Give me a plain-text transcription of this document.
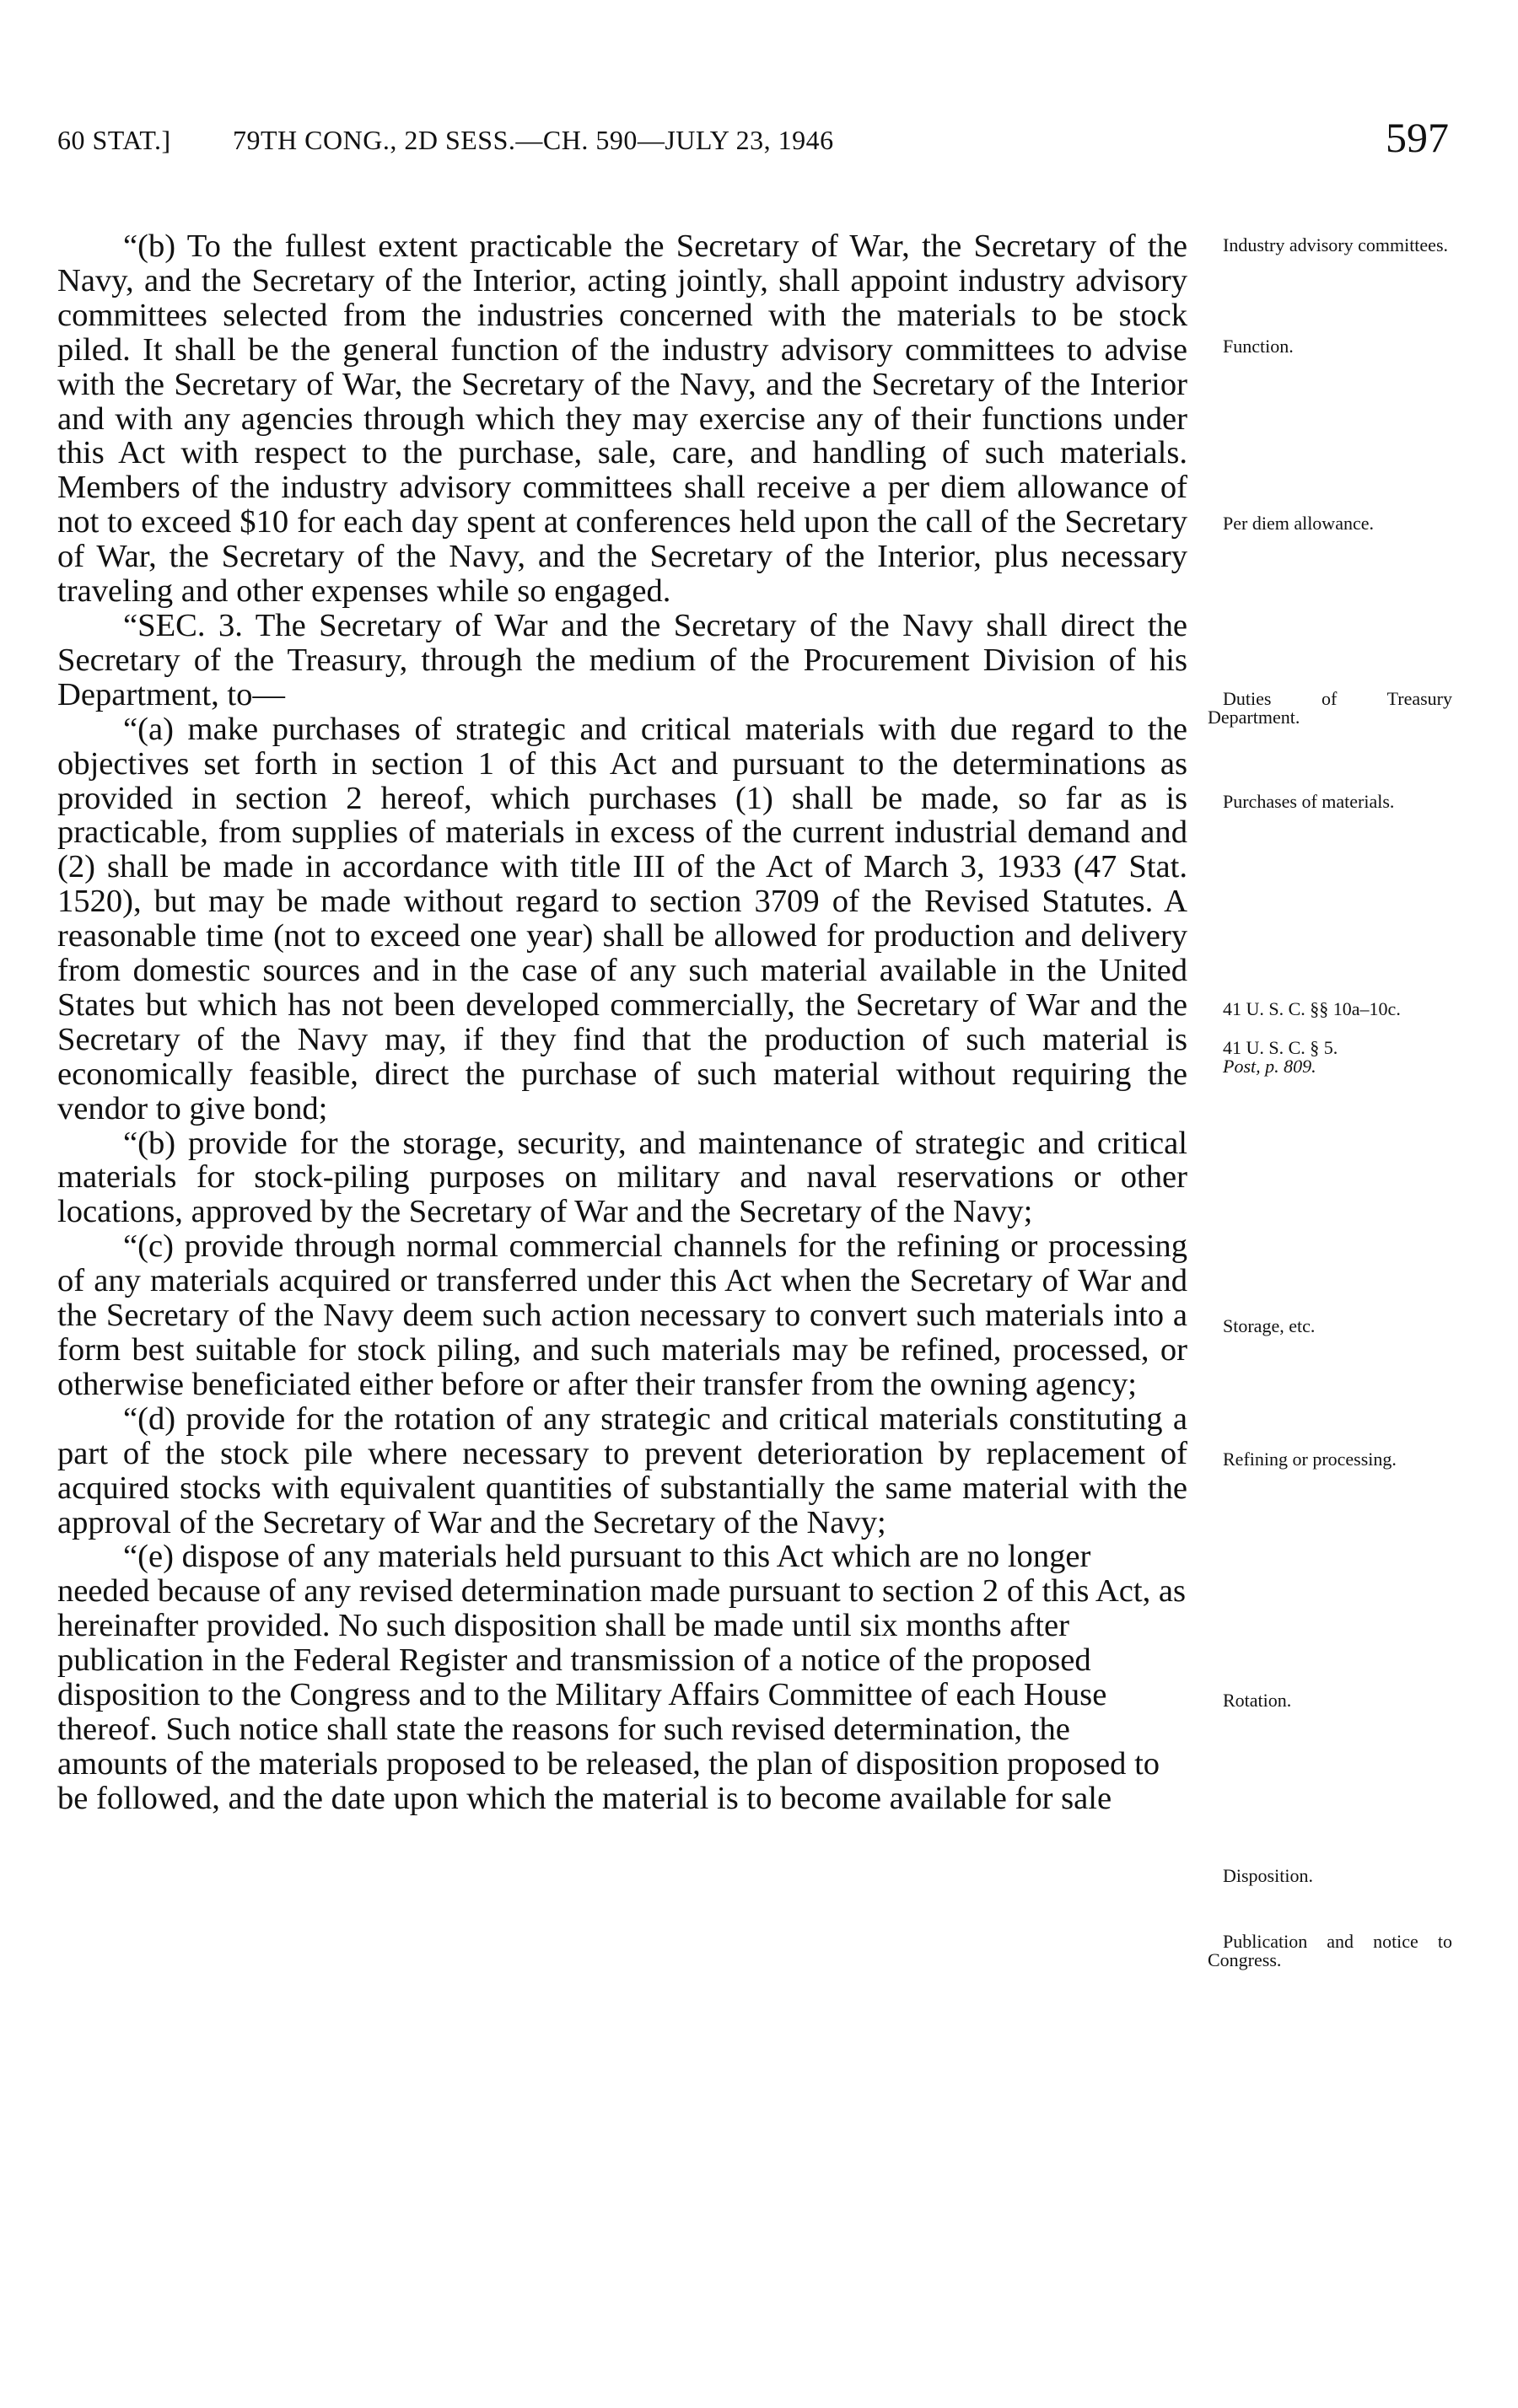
60 STAT.] 79TH CONG., 2D SESS.—CH. 590—JULY 23, 1946	597

“(b) To the fullest extent practicable the Secretary of War, the Secretary of the Navy, and the Secretary of the Interior, acting jointly, shall appoint industry advisory committees selected from the industries concerned with the materials to be stock piled. It shall be the general function of the industry advisory committees to advise with the Secretary of War, the Secretary of the Navy, and the Secretary of the Interior and with any agencies through which they may exercise any of their functions under this Act with respect to the purchase, sale, care, and handling of such materials. Members of the industry advisory committees shall receive a per diem allowance of not to exceed $10 for each day spent at conferences held upon the call of the Secretary of War, the Secretary of the Navy, and the Secretary of the Interior, plus necessary traveling and other expenses while so engaged.

“SEC. 3. The Secretary of War and the Secretary of the Navy shall direct the Secretary of the Treasury, through the medium of the Procurement Division of his Department, to—

“(a) make purchases of strategic and critical materials with due regard to the objectives set forth in section 1 of this Act and pursuant to the determinations as provided in section 2 hereof, which purchases (1) shall be made, so far as is practicable, from supplies of materials in excess of the current industrial demand and (2) shall be made in accordance with title III of the Act of March 3, 1933 (47 Stat. 1520), but may be made without regard to section 3709 of the Revised Statutes. A reasonable time (not to exceed one year) shall be allowed for production and delivery from domestic sources and in the case of any such material available in the United States but which has not been developed commercially, the Secretary of War and the Secretary of the Navy may, if they find that the production of such material is economically feasible, direct the purchase of such material without requiring the vendor to give bond;

“(b) provide for the storage, security, and maintenance of strategic and critical materials for stock-piling purposes on military and naval reservations or other locations, approved by the Secretary of War and the Secretary of the Navy;

“(c) provide through normal commercial channels for the refining or processing of any materials acquired or transferred under this Act when the Secretary of War and the Secretary of the Navy deem such action necessary to convert such materials into a form best suitable for stock piling, and such materials may be refined, processed, or otherwise beneficiated either before or after their transfer from the owning agency;

“(d) provide for the rotation of any strategic and critical materials constituting a part of the stock pile where necessary to prevent deterioration by replacement of acquired stocks with equivalent quantities of substantially the same material with the approval of the Secretary of War and the Secretary of the Navy;

“(e) dispose of any materials held pursuant to this Act which are no longer needed because of any revised determination made pursuant to section 2 of this Act, as hereinafter provided. No such disposition shall be made until six months after publication in the Federal Register and transmission of a notice of the proposed disposition to the Congress and to the Military Affairs Committee of each House thereof. Such notice shall state the reasons for such revised determination, the amounts of the materials proposed to be released, the plan of disposition proposed to be followed, and the date upon which the material is to become available for sale

Industry advisory committees.
Function.
Per diem allowance.
Duties of Treasury Department.
Purchases of materials.
41 U. S. C. §§ 10a–10c.
41 U. S. C. § 5.
Post, p. 809.
Storage, etc.
Refining or processing.
Rotation.
Disposition.
Publication and notice to Congress.
